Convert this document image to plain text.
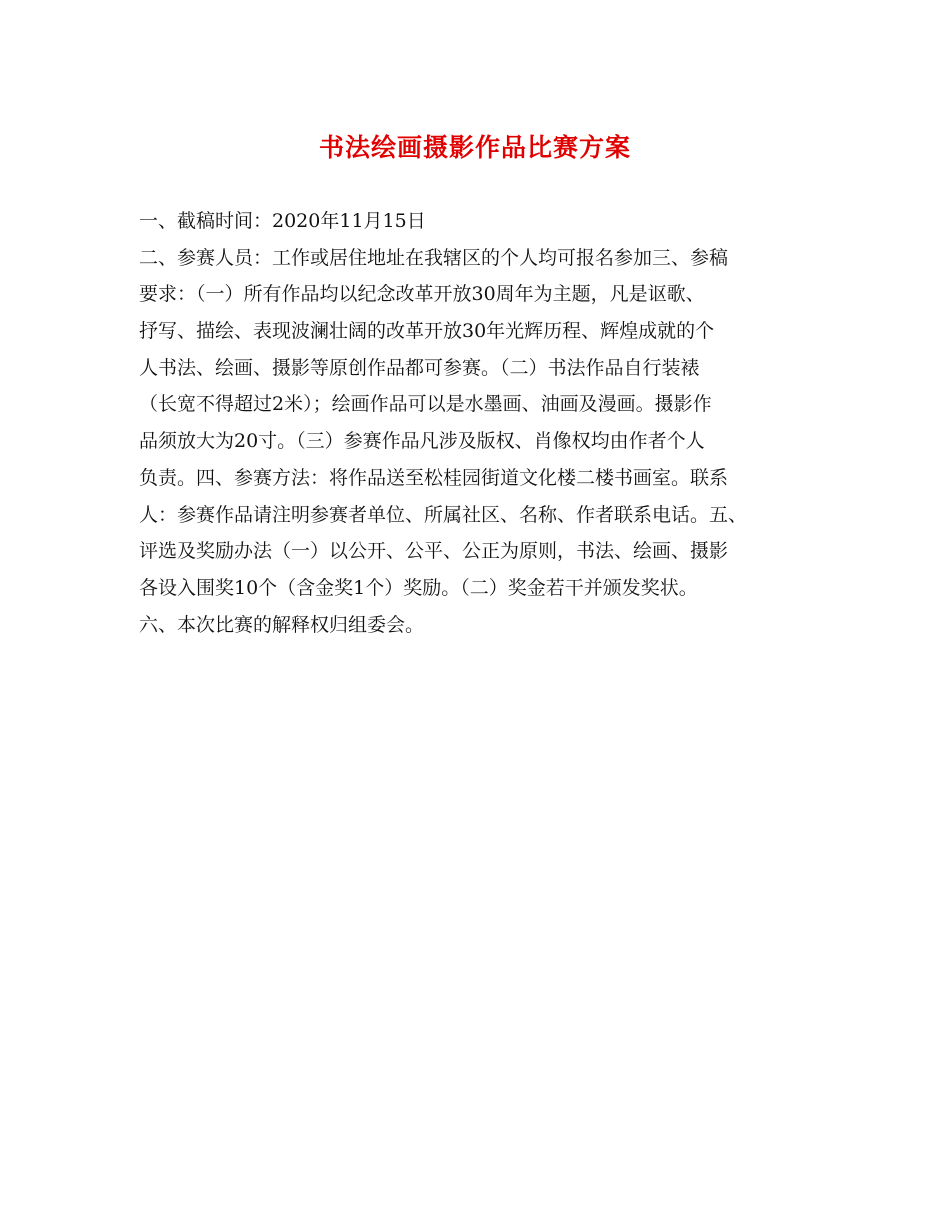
书法绘画摄影作品比赛方案
一、截稿时间：2020年11月15日
二、参赛人员：工作或居住地址在我辖区的个人均可报名参加三、参稿
要求：（一）所有作品均以纪念改革开放30周年为主题，凡是讴歌、
抒写、描绘、表现波澜壮阔的改革开放30年光辉历程、辉煌成就的个
人书法、绘画、摄影等原创作品都可参赛。（二）书法作品自行装裱
（长宽不得超过2米）；绘画作品可以是水墨画、油画及漫画。摄影作
品须放大为20寸。（三）参赛作品凡涉及版权、肖像权均由作者个人
负责。四、参赛方法：将作品送至松桂园街道文化楼二楼书画室。联系
人：参赛作品请注明参赛者单位、所属社区、名称、作者联系电话。五、
评选及奖励办法（一）以公开、公平、公正为原则，书法、绘画、摄影
各设入围奖10个（含金奖1个）奖励。（二）奖金若干并颁发奖状。
六、本次比赛的解释权归组委会。
